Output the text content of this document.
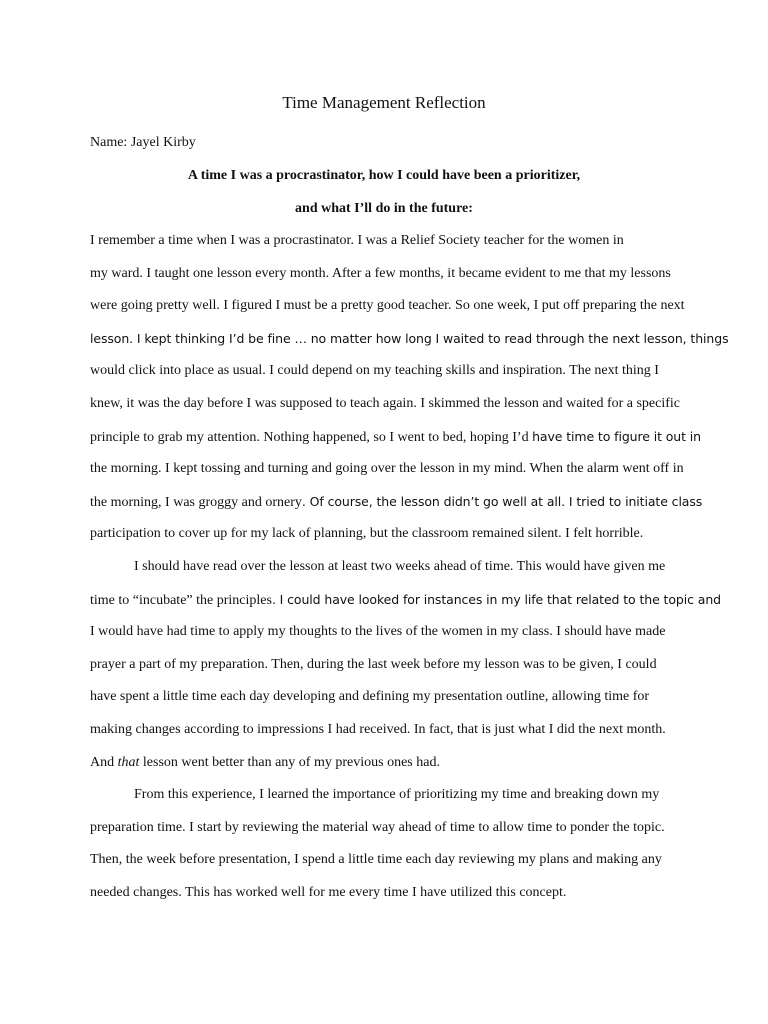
Time Management Reflection
Name: Jayel Kirby
A time I was a procrastinator, how I could have been a prioritizer,
and what I’ll do in the future:
I remember a time when I was a procrastinator. I was a Relief Society teacher for the women in
my ward. I taught one lesson every month. After a few months, it became evident to me that my lessons
were going pretty well. I figured I must be a pretty good teacher. So one week, I put off preparing the next
lesson. I kept thinking I’d be fine … no matter how long I waited to read through the next lesson, things
would click into place as usual. I could depend on my teaching skills and inspiration. The next thing I
knew, it was the day before I was supposed to teach again. I skimmed the lesson and waited for a specific
principle to grab my attention. Nothing happened, so I went to bed, hoping I’d have time to figure it out in
the morning. I kept tossing and turning and going over the lesson in my mind. When the alarm went off in
the morning, I was groggy and ornery. Of course, the lesson didn’t go well at all. I tried to initiate class
participation to cover up for my lack of planning, but the classroom remained silent. I felt horrible.
I should have read over the lesson at least two weeks ahead of time. This would have given me
time to “incubate” the principles. I could have looked for instances in my life that related to the topic and
I would have had time to apply my thoughts to the lives of the women in my class. I should have made
prayer a part of my preparation. Then, during the last week before my lesson was to be given, I could
have spent a little time each day developing and defining my presentation outline, allowing time for
making changes according to impressions I had received. In fact, that is just what I did the next month.
And that lesson went better than any of my previous ones had.
From this experience, I learned the importance of prioritizing my time and breaking down my
preparation time. I start by reviewing the material way ahead of time to allow time to ponder the topic.
Then, the week before presentation, I spend a little time each day reviewing my plans and making any
needed changes. This has worked well for me every time I have utilized this concept.
